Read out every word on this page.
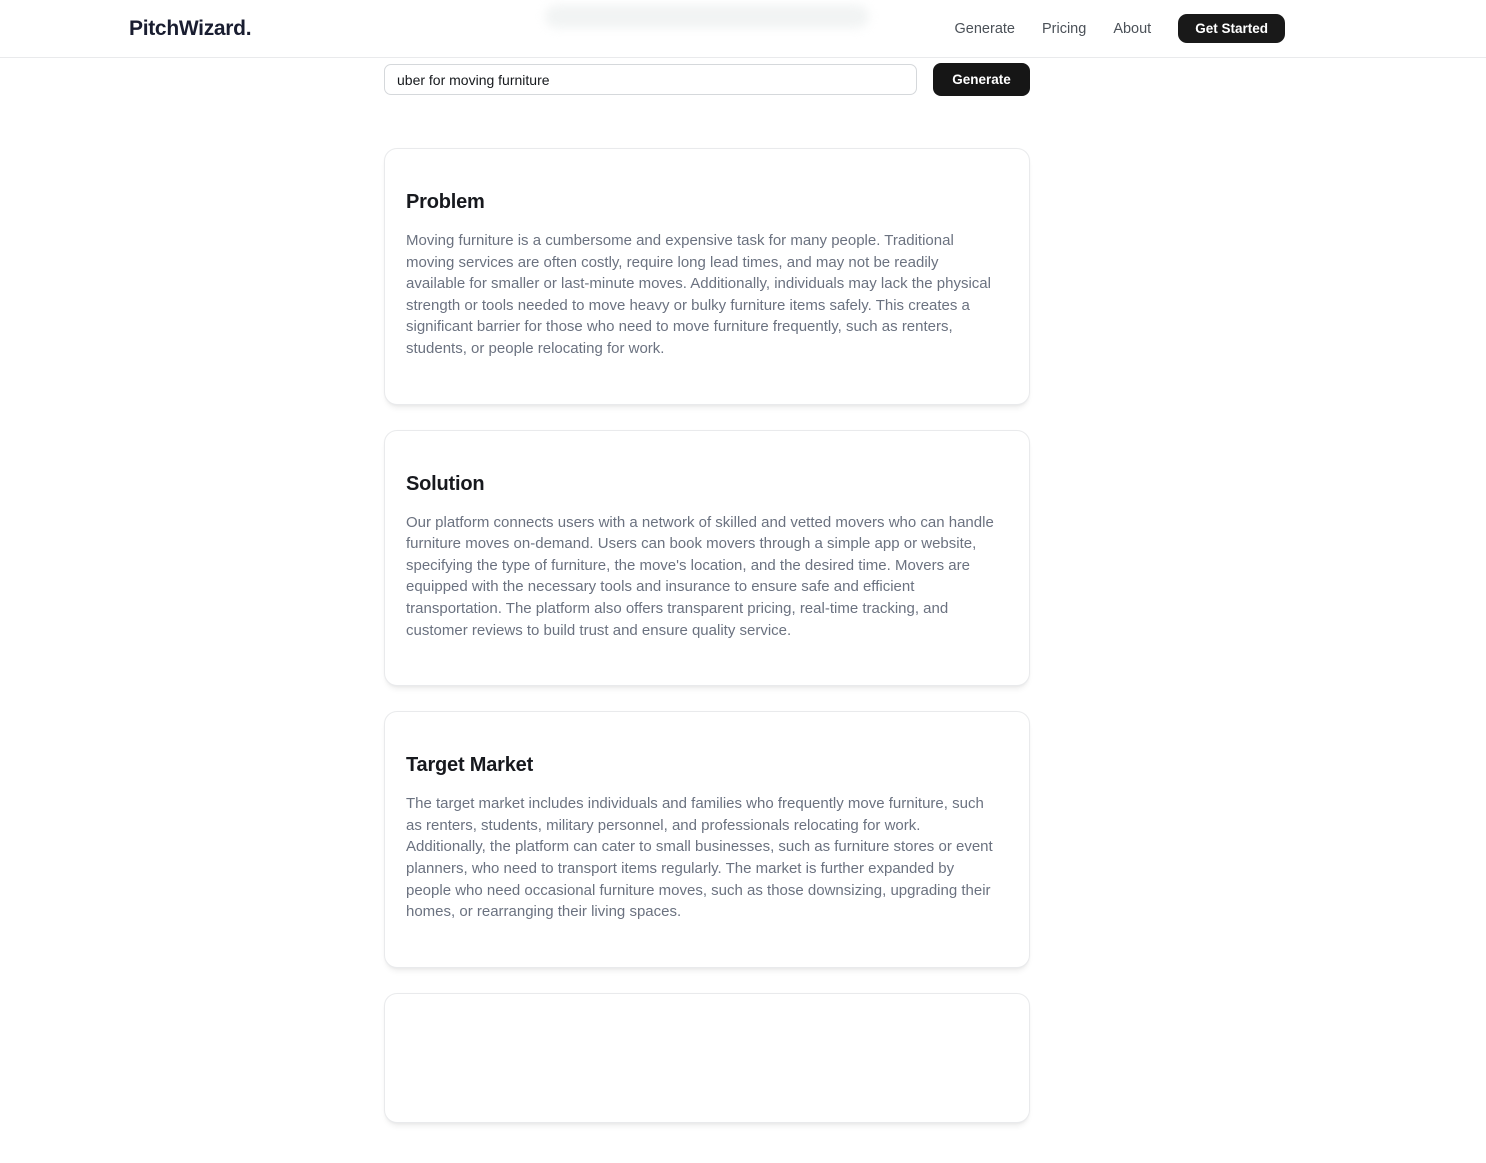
PitchWizard.	Generate Pricing About	Get Started
uber for moving furniture
Generate
Problem

Moving furniture is a cumbersome and expensive task for many people. Traditional moving services are often costly, require long lead times, and may not be readily available for smaller or last-minute moves. Additionally, individuals may lack the physical strength or tools needed to move heavy or bulky furniture items safely. This creates a significant barrier for those who need to move furniture frequently, such as renters, students, or people relocating for work.

Solution

Our platform connects users with a network of skilled and vetted movers who can handle furniture moves on-demand. Users can book movers through a simple app or website, specifying the type of furniture, the move's location, and the desired time. Movers are equipped with the necessary tools and insurance to ensure safe and efficient transportation. The platform also offers transparent pricing, real-time tracking, and customer reviews to build trust and ensure quality service.

Target Market

The target market includes individuals and families who frequently move furniture, such as renters, students, military personnel, and professionals relocating for work. Additionally, the platform can cater to small businesses, such as furniture stores or event planners, who need to transport items regularly. The market is further expanded by people who need occasional furniture moves, such as those downsizing, upgrading their homes, or rearranging their living spaces.
